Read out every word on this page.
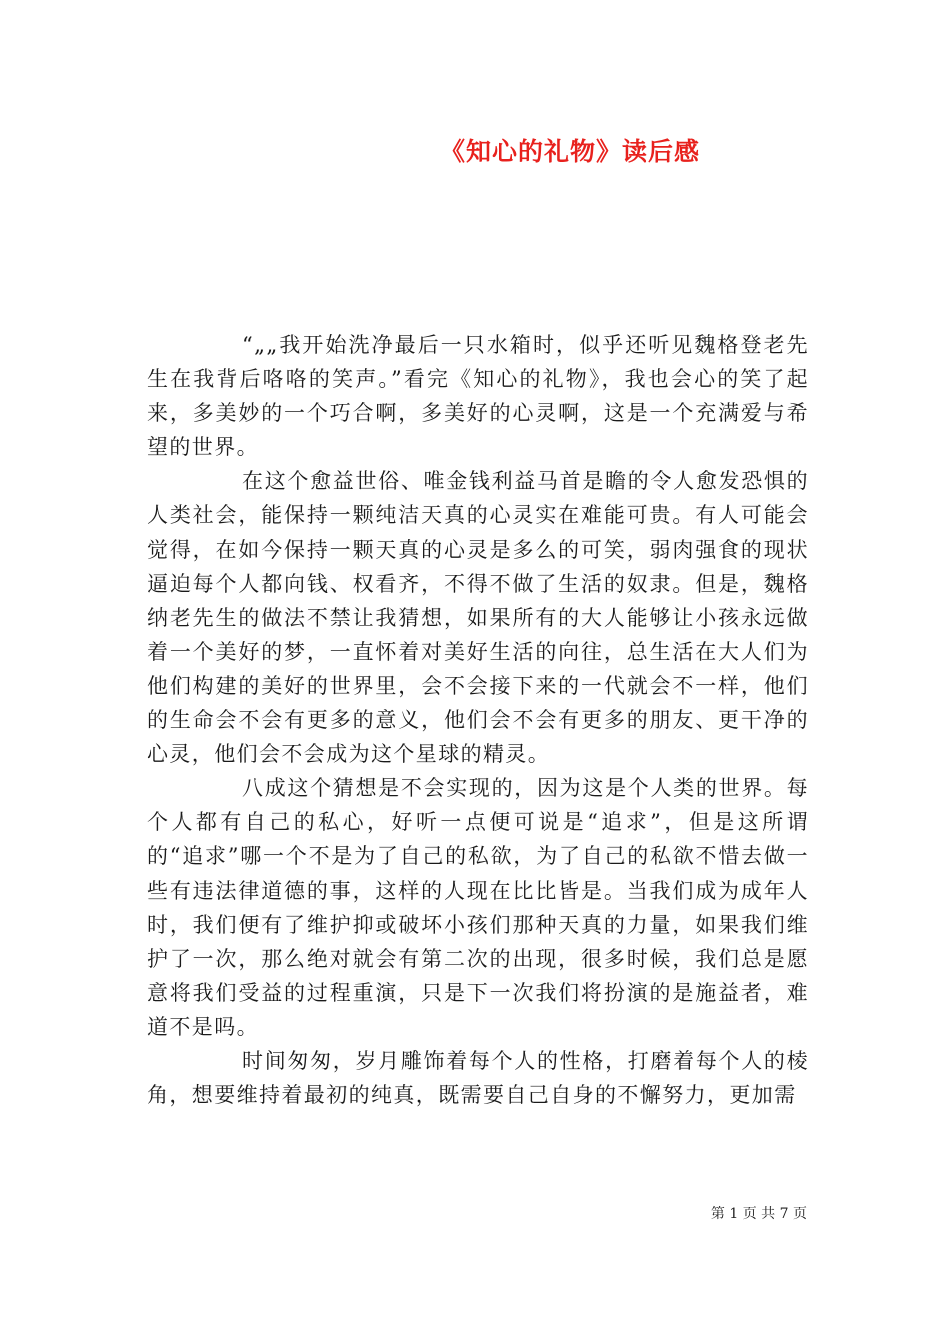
《知心的礼物》读后感

“„„我开始洗净最后一只水箱时，似乎还听见魏格登老先生在我背后咯咯的笑声。”看完《知心的礼物》，我也会心的笑了起来，多美妙的一个巧合啊，多美好的心灵啊，这是一个充满爱与希望的世界。

在这个愈益世俗、唯金钱利益马首是瞻的令人愈发恐惧的人类社会，能保持一颗纯洁天真的心灵实在难能可贵。有人可能会觉得，在如今保持一颗天真的心灵是多么的可笑，弱肉强食的现状逼迫每个人都向钱、权看齐，不得不做了生活的奴隶。但是，魏格纳老先生的做法不禁让我猜想，如果所有的大人能够让小孩永远做着一个美好的梦，一直怀着对美好生活的向往，总生活在大人们为他们构建的美好的世界里，会不会接下来的一代就会不一样，他们的生命会不会有更多的意义，他们会不会有更多的朋友、更干净的心灵，他们会不会成为这个星球的精灵。

八成这个猜想是不会实现的，因为这是个人类的世界。每个人都有自己的私心，好听一点便可说是“追求”，但是这所谓的“追求”哪一个不是为了自己的私欲，为了自己的私欲不惜去做一些有违法律道德的事，这样的人现在比比皆是。当我们成为成年人时，我们便有了维护抑或破坏小孩们那种天真的力量，如果我们维护了一次，那么绝对就会有第二次的出现，很多时候，我们总是愿意将我们受益的过程重演，只是下一次我们将扮演的是施益者，难道不是吗。

时间匆匆，岁月雕饰着每个人的性格，打磨着每个人的棱角，想要维持着最初的纯真，既需要自己自身的不懈努力，更加需

第 1 页 共 7 页
